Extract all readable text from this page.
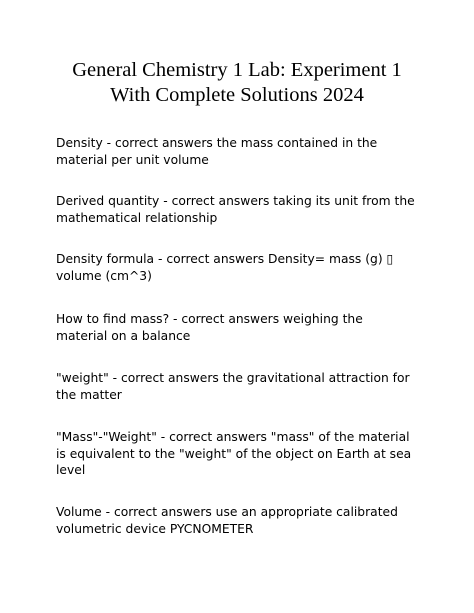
General Chemistry 1 Lab: Experiment 1
With Complete Solutions 2024
Density - correct answers the mass contained in the
material per unit volume
Derived quantity - correct answers taking its unit from the
mathematical relationship
Density formula - correct answers Density= mass (g) ▯
volume (cm^3)
How to find mass? - correct answers weighing the
material on a balance
"weight" - correct answers the gravitational attraction for
the matter
"Mass"-"Weight" - correct answers "mass" of the material
is equivalent to the "weight" of the object on Earth at sea
level
Volume - correct answers use an appropriate calibrated
volumetric device PYCNOMETER
